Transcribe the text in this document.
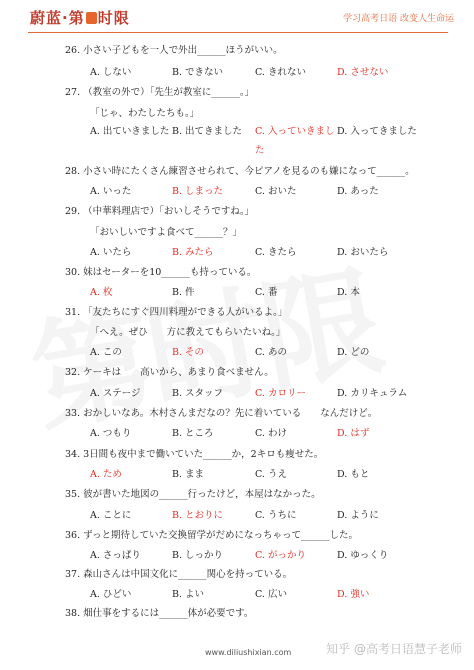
蔚蓝·第 时限	学习高考日语 改变人生命运
26. 小さい子どもを一人で外出______ほうがいい。
A. しない	B. できない	C. きれない	D. させない
27. （教室の外で）「先生が教室に______。」
「じゃ、わたしたちも。」
A. 出ていきました B. 出てきました C. 入っていきまし D. 入ってきました
た
28. 小さい時にたくさん練習させられて、今ピアノを見るのも嫌になって______。
A. いった	B. しまった	C. おいた	D. あった
29. （中華料理店で）「おいしそうですね。」
「おいしいですよ食べて______？」
A. いたら	B. みたら	C. きたら	D. おいたら
30. 妹はセーターを10______も持っている。
A. 枚	B. 件	C. 番	D. 本
31. 「友たちにすぐ四川料理ができる人がいるよ。」
「へえ。ぜひ　　方に教えてもらいたいね。」
A. この	B. その	C. あの	D. どの
32. ケーキは　　高いから、あまり食べません。
A. ステージ	B. スタッフ	C. カロリー	D. カリキュラム
33. おかしいなあ。木村さんまだなの？先に着いている　　なんだけど。
A. つもり	B. ところ	C. わけ	D. はず
34. 3日間も夜中まで働いていた______か，2キロも痩せた。
A. ため	B. まま	C. うえ	D. もと
35. 彼が書いた地図の______行ったけど，本屋はなかった。
A. ことに	B. とおりに	C. うちに	D. ように
36. ずっと期待していた交換留学がだめになっちゃって______した。
A. さっぱり	B. しっかり	C. がっかり	D. ゆっくり
37. 森山さんは中国文化に______関心を持っている。
A. ひどい	B. よい	C. 広い	D. 強い
38. 畑仕事をするには______体が必要です。
www.diliushixian.com	知乎 @高考日语慧子老师
